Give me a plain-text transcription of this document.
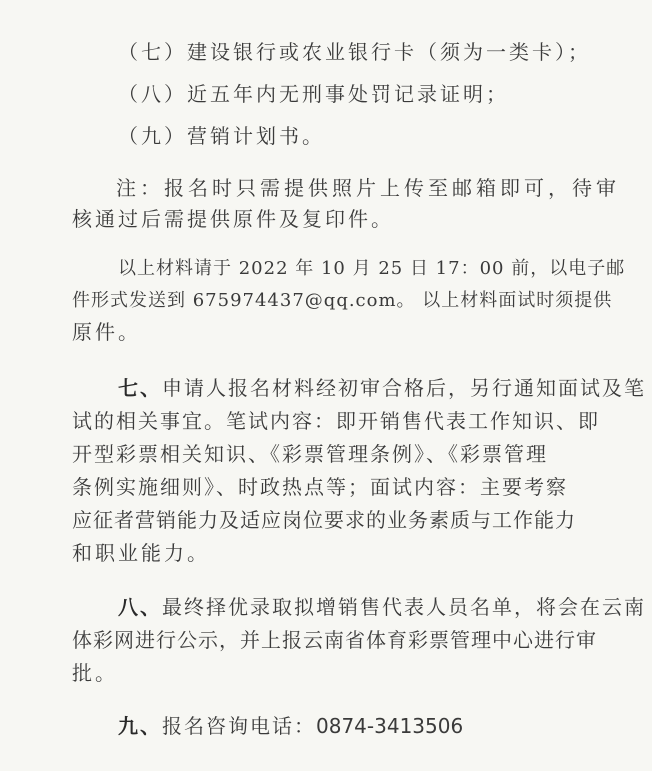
（七）建设银行或农业银行卡（须为一类卡）；
（八）近五年内无刑事处罚记录证明；
（九）营销计划书。
注：报名时只需提供照片上传至邮箱即可，待审
核通过后需提供原件及复印件。
以上材料请于 2022 年 10 月 25 日 17：00 前，以电子邮
件形式发送到 675974437@qq.com。 以上材料面试时须提供
原件。
七、申请人报名材料经初审合格后，另行通知面试及笔
试的相关事宜。笔试内容：即开销售代表工作知识、即
开型彩票相关知识、《彩票管理条例》、《彩票管理
条例实施细则》、时政热点等；面试内容：主要考察
应征者营销能力及适应岗位要求的业务素质与工作能力
和职业能力。
八、最终择优录取拟增销售代表人员名单，将会在云南
体彩网进行公示，并上报云南省体育彩票管理中心进行审
批。
九、报名咨询电话：0874-3413506
